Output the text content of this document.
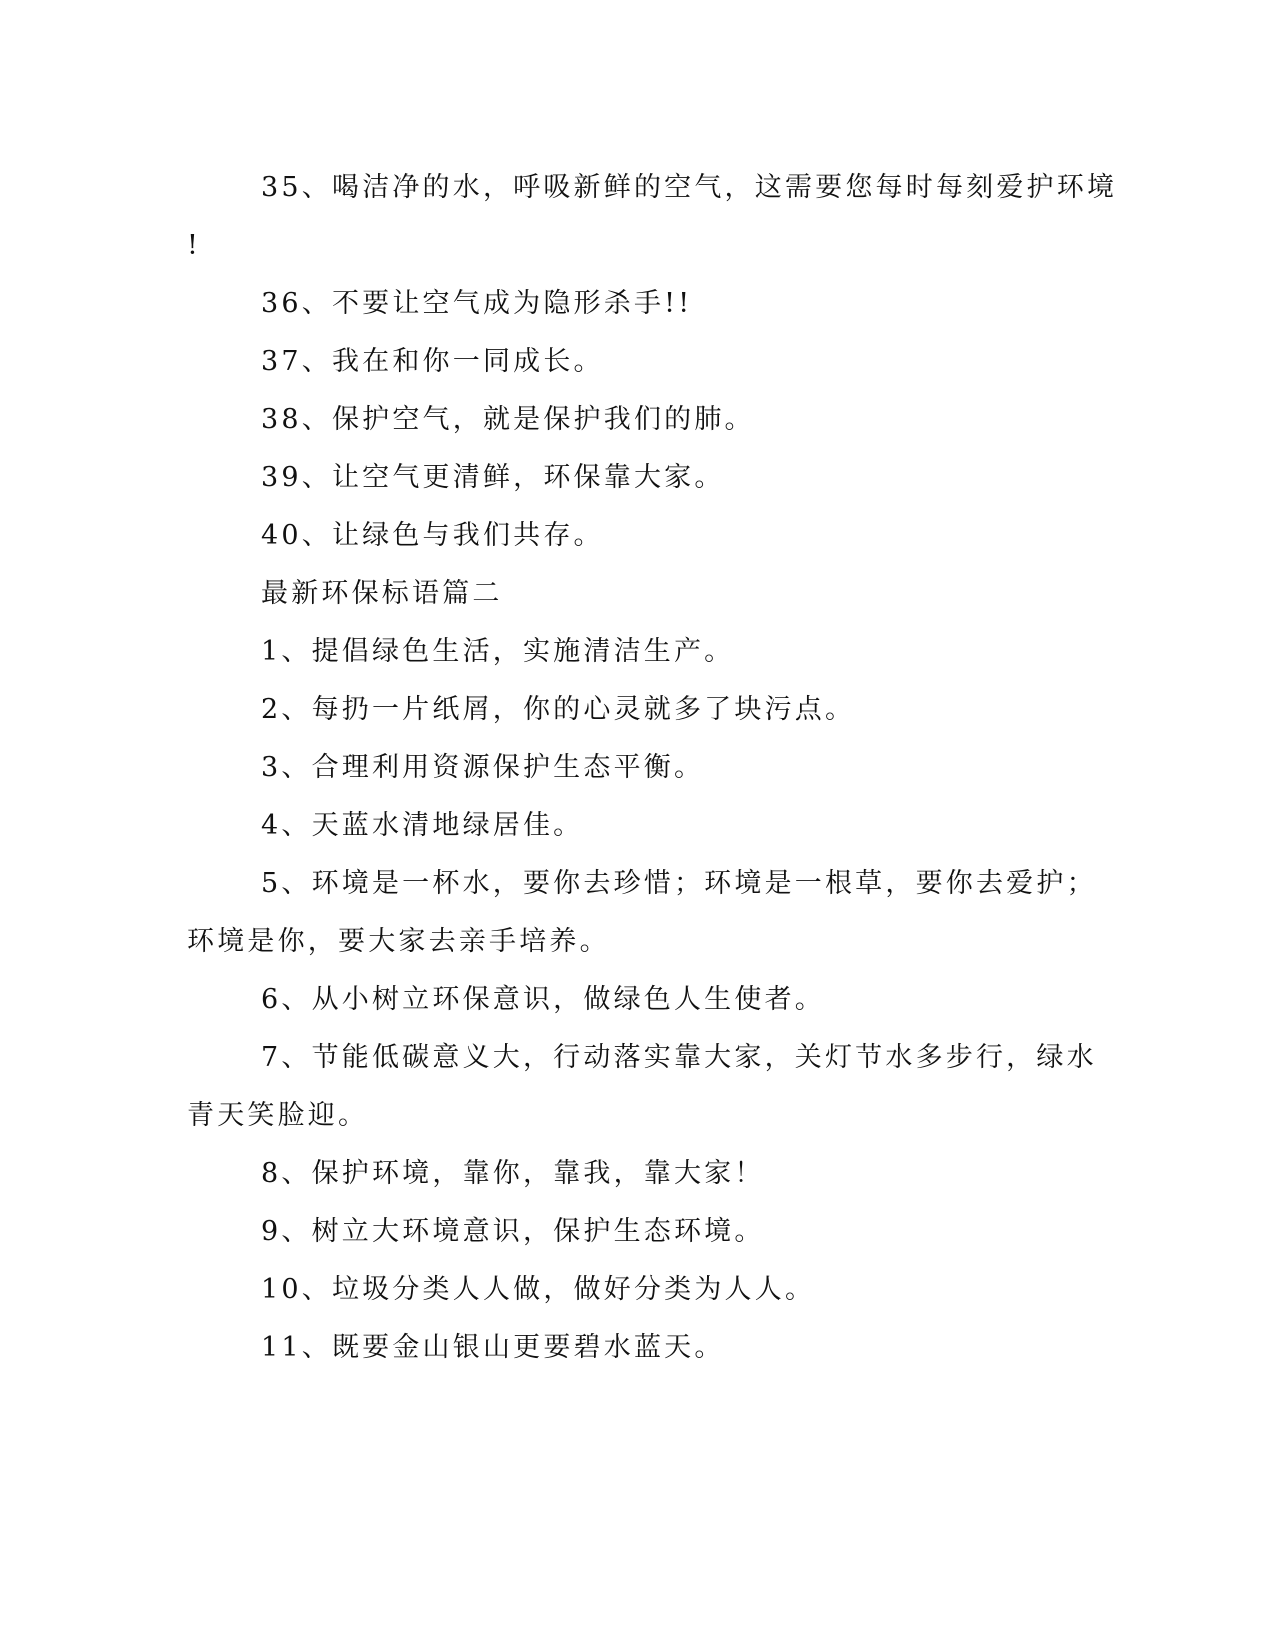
35、喝洁净的水，呼吸新鲜的空气，这需要您每时每刻爱护环境

!

36、不要让空气成为隐形杀手!!

37、我在和你一同成长。

38、保护空气，就是保护我们的肺。

39、让空气更清鲜，环保靠大家。

40、让绿色与我们共存。

最新环保标语篇二

1、提倡绿色生活，实施清洁生产。

2、每扔一片纸屑，你的心灵就多了块污点。

3、合理利用资源保护生态平衡。

4、天蓝水清地绿居佳。

5、环境是一杯水，要你去珍惜；环境是一根草，要你去爱护；

环境是你，要大家去亲手培养。

6、从小树立环保意识，做绿色人生使者。

7、节能低碳意义大，行动落实靠大家，关灯节水多步行，绿水

青天笑脸迎。

8、保护环境，靠你，靠我，靠大家！

9、树立大环境意识，保护生态环境。

10、垃圾分类人人做，做好分类为人人。

11、既要金山银山更要碧水蓝天。
